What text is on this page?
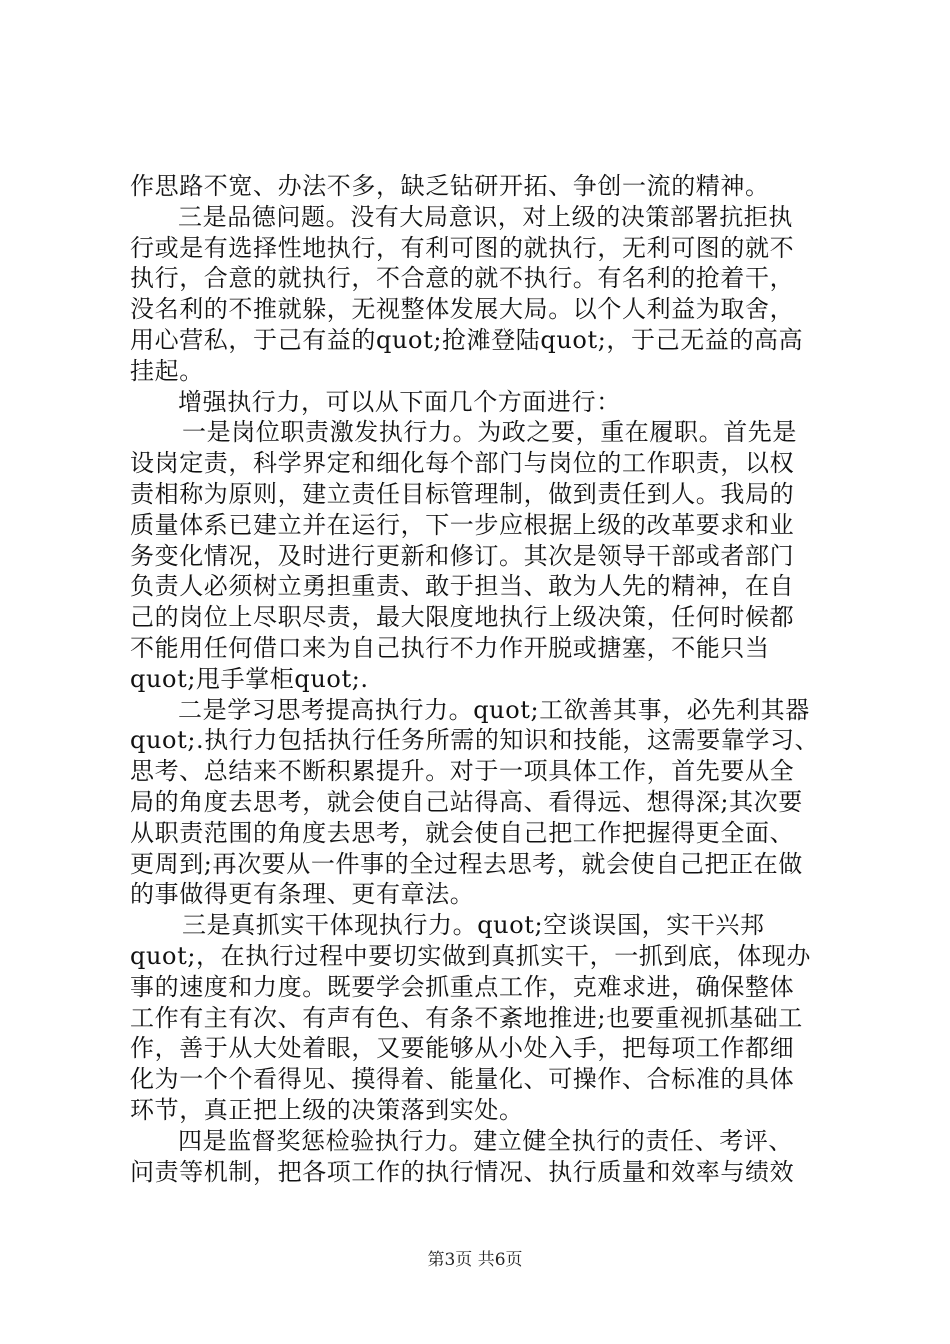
作思路不宽、办法不多，缺乏钻研开拓、争创一流的精神。
三是品德问题。没有大局意识，对上级的决策部署抗拒执
行或是有选择性地执行，有利可图的就执行，无利可图的就不
执行，合意的就执行，不合意的就不执行。有名利的抢着干，
没名利的不推就躲，无视整体发展大局。以个人利益为取舍，
用心营私，于己有益的quot;抢滩登陆quot;，于己无益的高高
挂起。
增强执行力，可以从下面几个方面进行：
一是岗位职责激发执行力。为政之要，重在履职。首先是
设岗定责，科学界定和细化每个部门与岗位的工作职责，以权
责相称为原则，建立责任目标管理制，做到责任到人。我局的
质量体系已建立并在运行，下一步应根据上级的改革要求和业
务变化情况，及时进行更新和修订。其次是领导干部或者部门
负责人必须树立勇担重责、敢于担当、敢为人先的精神，在自
己的岗位上尽职尽责，最大限度地执行上级决策，任何时候都
不能用任何借口来为自己执行不力作开脱或搪塞，不能只当
quot;甩手掌柜quot;.
二是学习思考提高执行力。quot;工欲善其事，必先利其器
quot;.执行力包括执行任务所需的知识和技能，这需要靠学习、
思考、总结来不断积累提升。对于一项具体工作，首先要从全
局的角度去思考，就会使自己站得高、看得远、想得深;其次要
从职责范围的角度去思考，就会使自己把工作把握得更全面、
更周到;再次要从一件事的全过程去思考，就会使自己把正在做
的事做得更有条理、更有章法。
三是真抓实干体现执行力。quot;空谈误国，实干兴邦
quot;，在执行过程中要切实做到真抓实干，一抓到底，体现办
事的速度和力度。既要学会抓重点工作，克难求进，确保整体
工作有主有次、有声有色、有条不紊地推进;也要重视抓基础工
作，善于从大处着眼，又要能够从小处入手，把每项工作都细
化为一个个看得见、摸得着、能量化、可操作、合标准的具体
环节，真正把上级的决策落到实处。
四是监督奖惩检验执行力。建立健全执行的责任、考评、
问责等机制，把各项工作的执行情况、执行质量和效率与绩效
第3页 共6页
